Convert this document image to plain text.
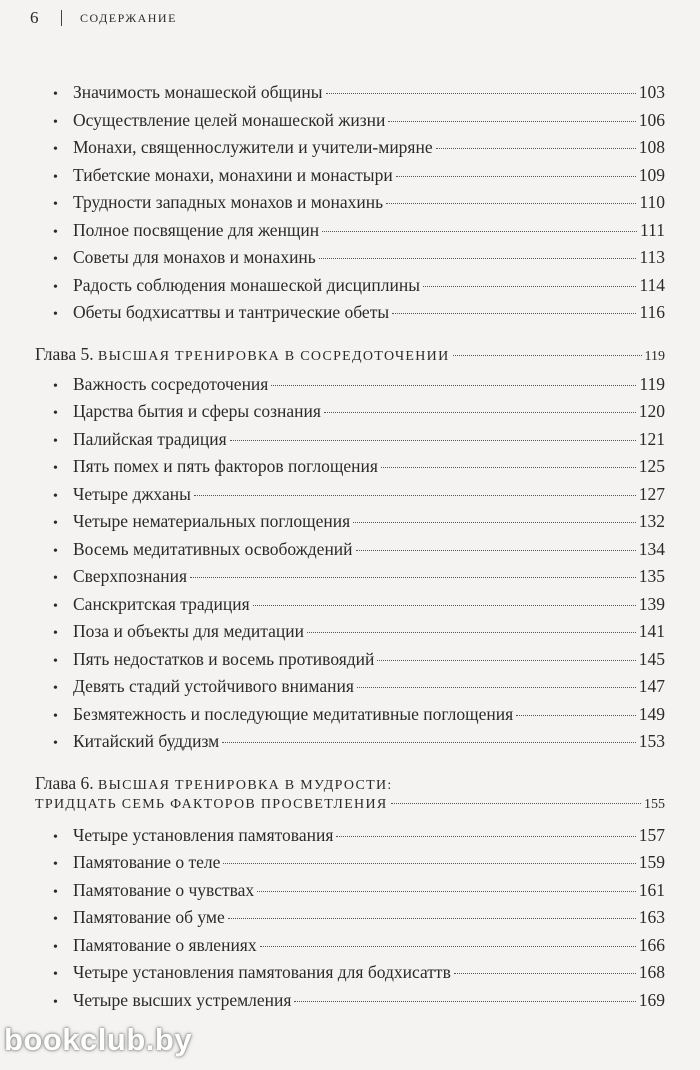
6	СОДЕРЖАНИЕ
• Значимость монашеской общины	103
• Осуществление целей монашеской жизни	106
• Монахи, священнослужители и учители-миряне	108
• Тибетские монахи, монахини и монастыри	109
• Трудности западных монахов и монахинь	110
• Полное посвящение для женщин	111
• Советы для монахов и монахинь	113
• Радость соблюдения монашеской дисциплины	114
• Обеты бодхисаттвы и тантрические обеты	116
Глава 5.
ВЫСШАЯ ТРЕНИРОВКА В СОСРЕДОТОЧЕНИИ	119
• Важность сосредоточения	119
• Царства бытия и сферы сознания	120
• Палийская традиция	121
• Пять помех и пять факторов поглощения	125
• Четыре джханы	127
• Четыре нематериальных поглощения	132
• Восемь медитативных освобождений	134
• Сверхпознания	135
• Санскритская традиция	139
• Поза и объекты для медитации	141
• Пять недостатков и восемь противоядий	145
• Девять стадий устойчивого внимания	147
• Безмятежность и последующие медитативные поглощения	149
• Китайский буддизм	153
Глава 6. ВЫСШАЯ ТРЕНИРОВКА В МУДРОСТИ:
ТРИДЦАТЬ СЕМЬ ФАКТОРОВ ПРОСВЕТЛЕНИЯ	155
• Четыре установления памятования	157
• Памятование о теле	159
• Памятование о чувствах	161
• Памятование об уме	163
• Памятование о явлениях	166
• Четыре установления памятования для бодхисаттв	168
• Четыре высших устремления	169
bookclub.by
